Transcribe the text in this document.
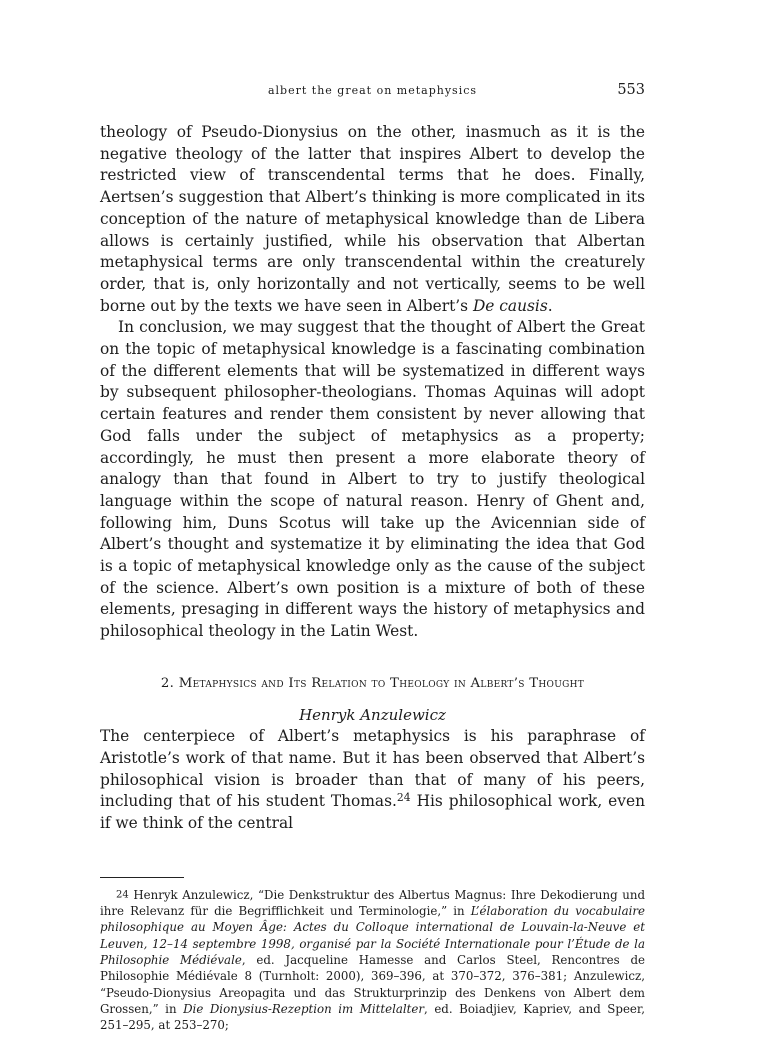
albert the great on metaphysics	553

theology of Pseudo-Dionysius on the other, inasmuch as it is the negative theology of the latter that inspires Albert to develop the restricted view of transcendental terms that he does. Finally, Aertsen’s suggestion that Albert’s thinking is more complicated in its conception of the nature of metaphysical knowledge than de Libera allows is certainly justified, while his observation that Albertan metaphysical terms are only transcendental within the creaturely order, that is, only horizontally and not vertically, seems to be well borne out by the texts we have seen in Albert’s De causis.

In conclusion, we may suggest that the thought of Albert the Great on the topic of metaphysical knowledge is a fascinating combination of the different elements that will be systematized in different ways by subsequent philosopher-theologians. Thomas Aquinas will adopt certain features and render them consistent by never allowing that God falls under the subject of metaphysics as a property; accordingly, he must then present a more elaborate theory of analogy than that found in Albert to try to justify theological language within the scope of natural reason. Henry of Ghent and, following him, Duns Scotus will take up the Avicennian side of Albert’s thought and systematize it by eliminating the idea that God is a topic of metaphysical knowledge only as the cause of the subject of the science. Albert’s own position is a mixture of both of these elements, presaging in different ways the history of metaphysics and philosophical theology in the Latin West.

2. Metaphysics and Its Relation to Theology in Albert’s Thought
Henryk Anzulewicz

The centerpiece of Albert’s metaphysics is his paraphrase of Aristotle’s work of that name. But it has been observed that Albert’s philosophical vision is broader than that of many of his peers, including that of his student Thomas.$^{24}$ His philosophical work, even if we think of the central

$^{24}$ Henryk Anzulewicz, “Die Denkstruktur des Albertus Magnus: Ihre Dekodierung und ihre Relevanz für die Begrifflichkeit und Terminologie,” in L’élaboration du vocabulaire philosophique au Moyen Âge: Actes du Colloque international de Louvain-la-Neuve et Leuven, 12–14 septembre 1998, organisé par la Société Internationale pour l’Étude de la Philosophie Médiévale, ed. Jacqueline Hamesse and Carlos Steel, Rencontres de Philosophie Médiévale 8 (Turnholt: 2000), 369–396, at 370–372, 376–381; Anzulewicz, “Pseudo-Dionysius Areopagita und das Strukturprinzip des Denkens von Albert dem Grossen,” in Die Dionysius-Rezeption im Mittelalter, ed. Boiadjiev, Kapriev, and Speer, 251–295, at 253–270;
